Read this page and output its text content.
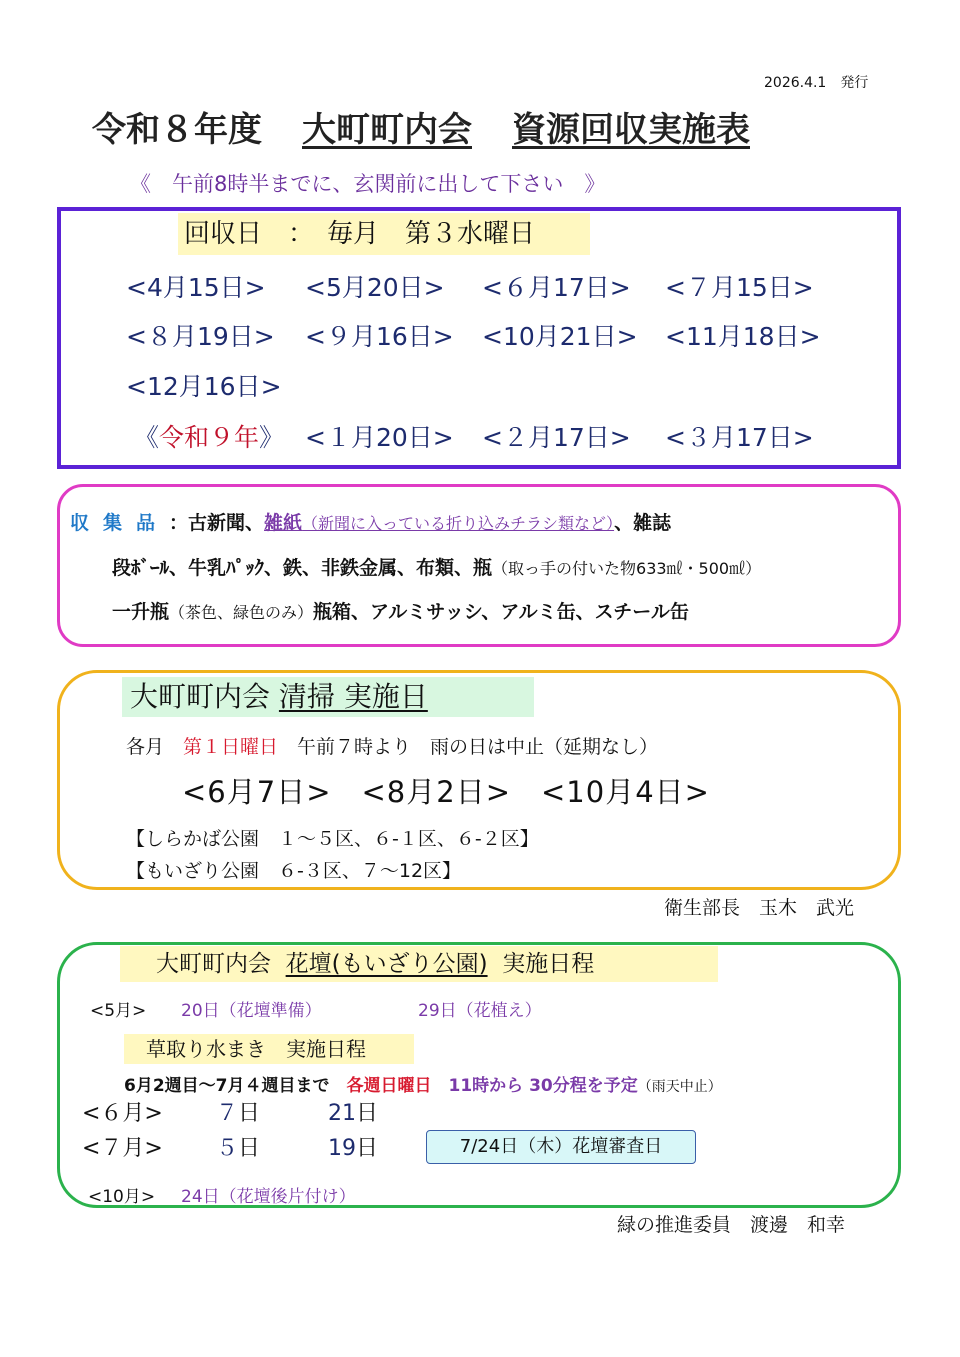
2026.4.1　発行
令和８年度 大町町内会 資源回収実施表
《　午前8時半までに、玄関前に出して下さい　》
回収日　：　毎月　第３水曜日
<4月15日> <5月20日> <６月17日> <７月15日>
<８月19日> <９月16日> <10月21日> <11月18日>
<12月16日>
《令和９年》 <１月20日> <２月17日> <３月17日>
収集品：古新聞、雑紙（新聞に入っている折り込みチラシ類など）、雑誌
段ﾎﾞｰﾙ、牛乳ﾊﾟｯｸ、鉄、非鉄金属、布類、瓶（取っ手の付いた物633㎖・500㎖）
一升瓶（茶色、緑色のみ）瓶箱、アルミサッシ、アルミ缶、スチール缶
大町町内会 清掃 実施日
各月　第１日曜日　午前７時より　雨の日は中止（延期なし）
<6月7日>　<8月2日>　<10月4日>
【しらかば公園　１～５区、６-１区、６-２区】
【もいざり公園　６-３区、７～12区】
衛生部長　玉木　武光
大町町内会 花壇(もいざり公園) 実施日程
<5月> 20日（花壇準備）	29日（花植え）
草取り水まき　実施日程
6月2週目～7月４週目まで　各週日曜日　11時から 30分程を予定（雨天中止）
<６月> ７日	21日
<７月> ５日	19日	7/24日（木）花壇審査日
<10月> 24日（花壇後片付け）
緑の推進委員　渡邊　和幸
